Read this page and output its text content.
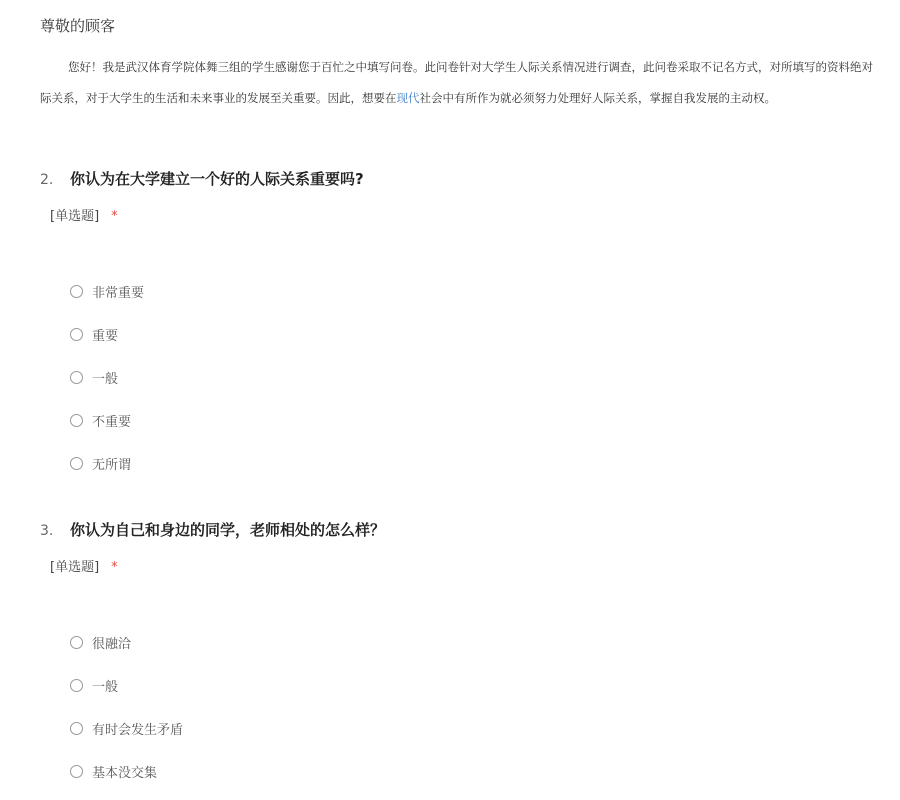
尊敬的顾客
您好！我是武汉体育学院体舞三组的学生感谢您于百忙之中填写问卷。此问卷针对大学生人际关系情况进行调查，此问卷采取不记名方式，对所填写的资料绝对
际关系，对于大学生的生活和未来事业的发展至关重要。因此，想要在现代社会中有所作为就必须努力处理好人际关系，掌握自我发展的主动权。
2.	你认为在大学建立一个好的人际关系重要吗?
[单选题] *
非常重要
重要
一般
不重要
无所谓
3.	你认为自己和身边的同学，老师相处的怎么样？
[单选题] *
很融洽
一般
有时会发生矛盾
基本没交集
